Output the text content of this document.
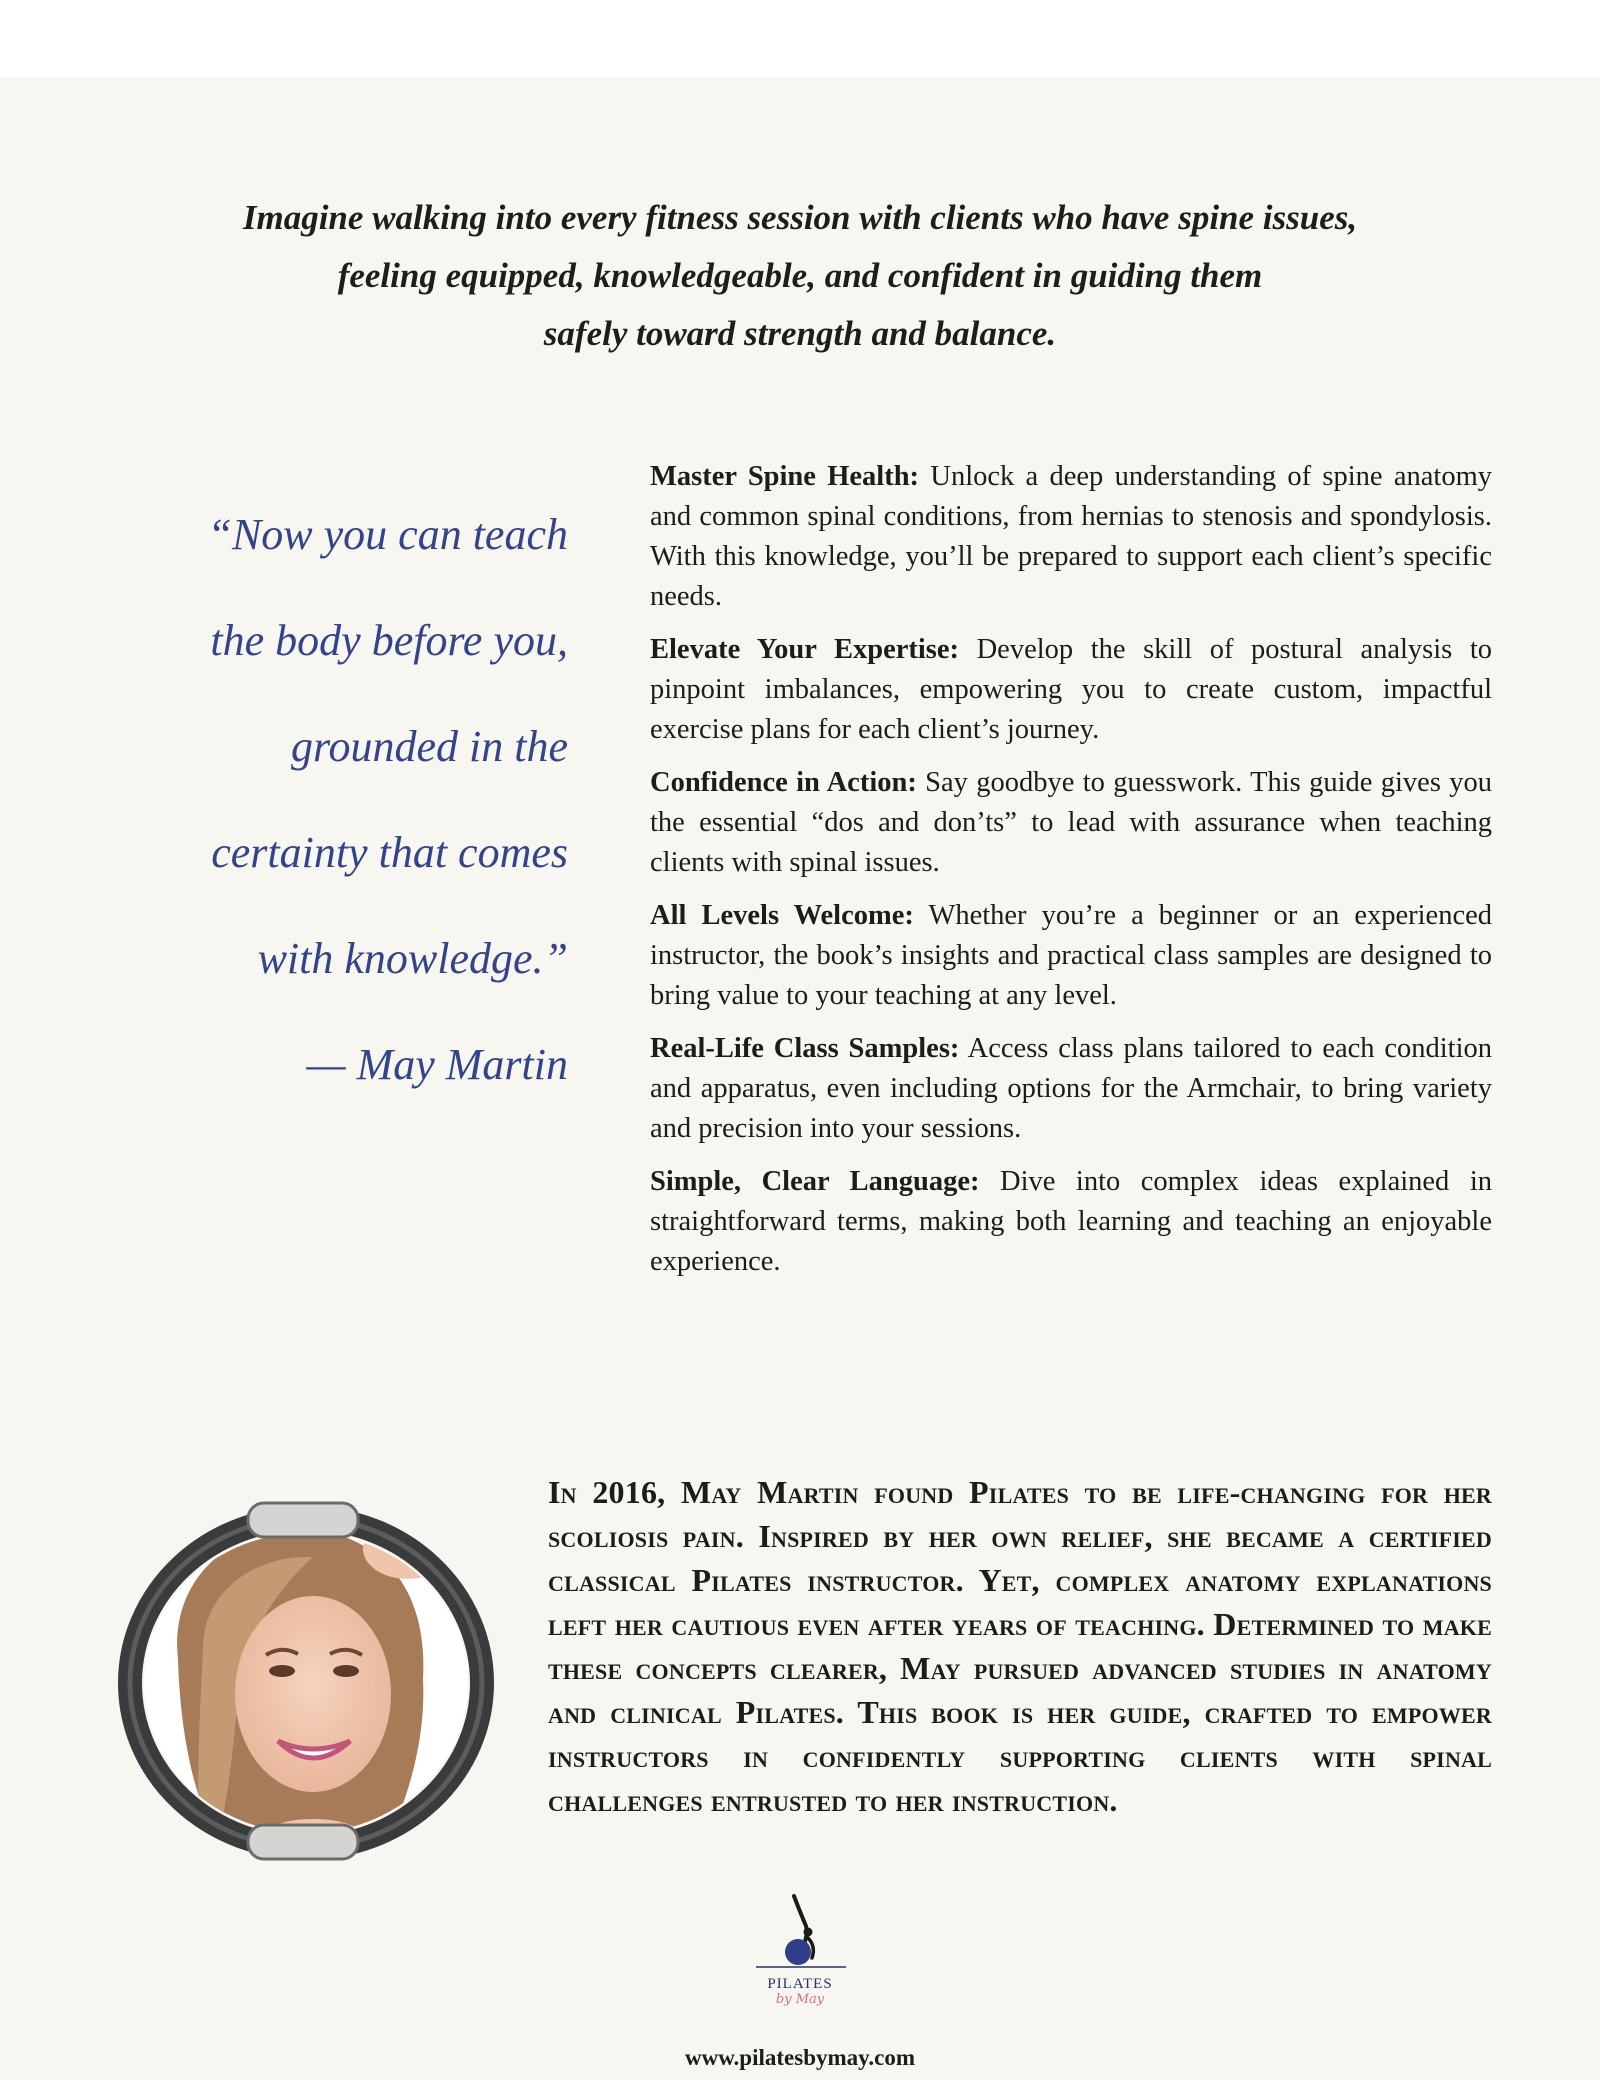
Imagine walking into every fitness session with clients who have spine issues,
feeling equipped, knowledgeable, and confident in guiding them
safely toward strength and balance.
“Now you can teach
the body before you,
grounded in the
certainty that comes
with knowledge.”
— May Martin

Master Spine Health: Unlock a deep understanding of spine anatomy and common spinal conditions, from hernias to stenosis and spondylosis. With this knowledge, you’ll be prepared to support each client’s specific needs.

Elevate Your Expertise: Develop the skill of postural analysis to pinpoint imbalances, empowering you to create custom, impactful exercise plans for each client’s journey.

Confidence in Action: Say goodbye to guesswork. This guide gives you the essential “dos and don’ts” to lead with assurance when teaching clients with spinal issues.

All Levels Welcome: Whether you’re a beginner or an experienced instructor, the book’s insights and practical class samples are designed to bring value to your teaching at any level.

Real-Life Class Samples: Access class plans tailored to each condition and apparatus, even including options for the Armchair, to bring variety and precision into your sessions.

Simple, Clear Language: Dive into complex ideas explained in straightforward terms, making both learning and teaching an enjoyable experience.

In 2016, May Martin found Pilates to be life-changing for her scoliosis pain. Inspired by her own relief, she became a certified classical Pilates instructor. Yet, complex anatomy explanations left her cautious even after years of teaching. Determined to make these concepts clearer, May pursued advanced studies in anatomy and clinical Pilates. This book is her guide, crafted to empower instructors in confidently supporting clients with spinal challenges entrusted to her instruction.
PILATES
by May
www.pilatesbymay.com
